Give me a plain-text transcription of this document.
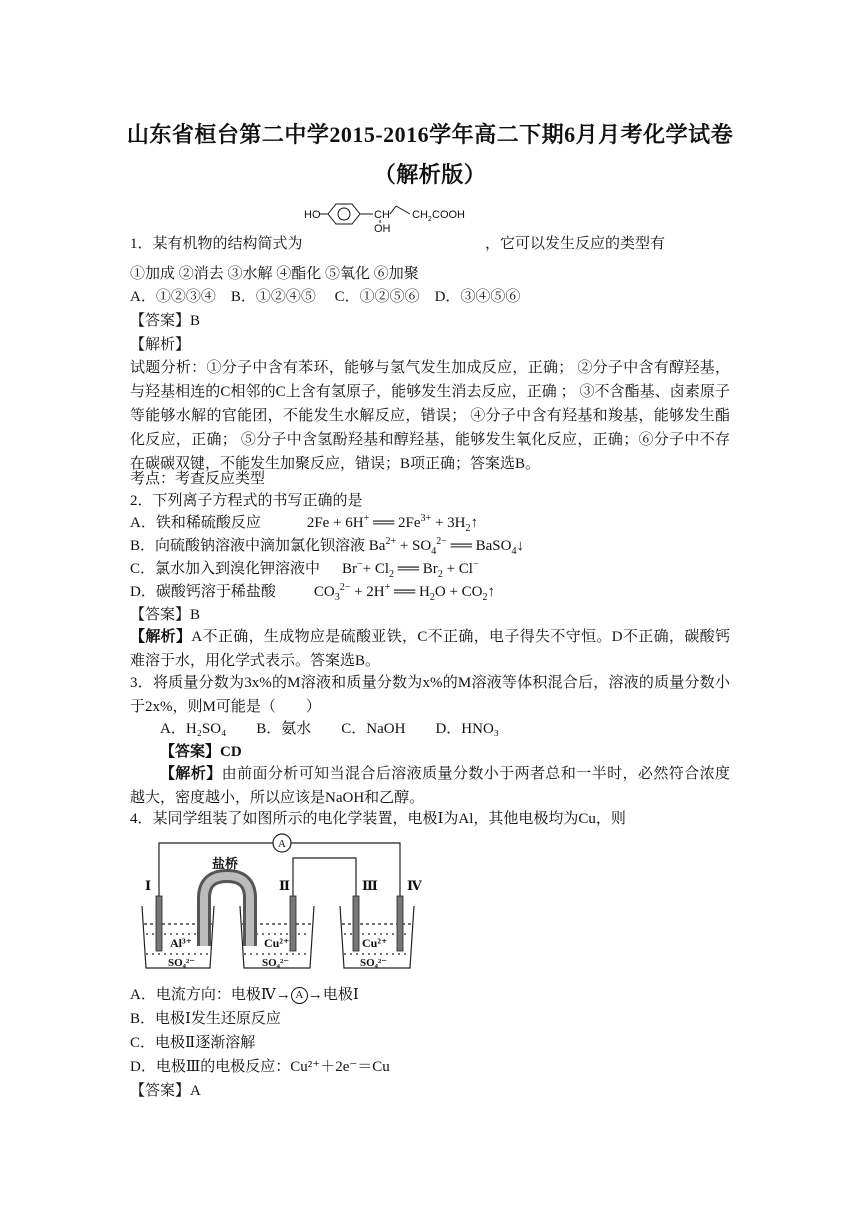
山东省桓台第二中学2015-2016学年高二下期6月月考化学试卷
（解析版）
HO	CH
OH
$CH_2$ COOH
1．某有机物的结构简式为	，它可以发生反应的类型有
①加成 ②消去 ③水解 ④酯化 ⑤氧化 ⑥加聚
A．①②③④　B．①②④⑤　 C．①②⑤⑥　D．③④⑤⑥
【答案】B
【解析】
试题分析：①分子中含有苯环，能够与氢气发生加成反应，正确； ②分子中含有醇羟基，与羟基相连的C相邻的C上含有氢原子，能够发生消去反应，正确 ； ③不含酯基、卤素原子等能够水解的官能团，不能发生水解反应，错误； ④分子中含有羟基和羧基，能够发生酯化反应，正确； ⑤分子中含氢酚羟基和醇羟基，能够发生氧化反应，正确；⑥分子中不存在碳碳双键，不能发生加聚反应，错误；B项正确；答案选B。
考点：考查反应类型
2．下列离子方程式的书写正确的是
A．铁和稀硫酸反应	2Fe + 6H+ ══ $2Fe^{3+}$ + $3H_2↑$
B．向硫酸钠溶液中滴加氯化钡溶液 $Ba^{2+} + SO_4^{2-}$ ══ BaSO$_4$↓
C．氯水加入到溴化钾溶液中 $Br^-+ Cl_2$ ══ $Br_2 + Cl^-$
D．碳酸钙溶于稀盐酸	$CO_3^{2-} + 2H^+$ ══ $H_2O$ + $CO_2↑$
【答案】B
【解析】A不正确，生成物应是硫酸亚铁，C不正确，电子得失不守恒。D不正确，碳酸钙难溶于水，用化学式表示。答案选B。
3．将质量分数为3x%的M溶液和质量分数为x%的M溶液等体积混合后，溶液的质量分数小于2x%，则M可能是（　　）
A．H₂SO₄　　B．氨水　　C．NaOH　　D．HNO₃
【答案】CD
【解析】由前面分析可知当混合后溶液质量分数小于两者总和一半时，必然符合浓度越大，密度越小，所以应该是NaOH和乙醇。
4．某同学组装了如图所示的电化学装置，电极Ⅰ为Al，其他电极均为Cu，则
A
盐桥
Ⅰ	Ⅱ	Ⅲ Ⅳ
Al³⁺	Cu²⁺	Cu²⁺
SO₄²⁻	SO₄²⁻	SO₄²⁻
A．电流方向：电极Ⅳ→ A →电极Ⅰ
B．电极Ⅰ发生还原反应
C．电极Ⅱ逐渐溶解
D．电极Ⅲ的电极反应：Cu²⁺＋2e⁻＝Cu
【答案】A
